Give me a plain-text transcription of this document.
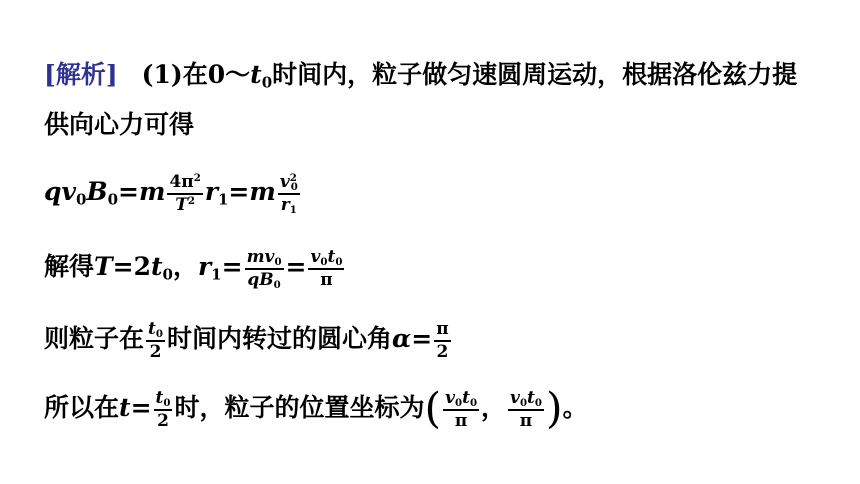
[解析] (1)在$0\sim t_0$时间内，粒子做匀速圆周运动，根据洛伦兹力提
供向心力可得
$qv_0B_0=m \frac{4\pi^2}{T^2} r_1=m \frac{v^2_0}{r_1}$
解得$T=2t_0$，$r_1= \frac{mv_0}{qB_0} = \frac{v_0t_0}{\pi}$
则粒子在 $\frac{t_0}{2}$ 时间内转过的圆心角$\alpha= \frac{\pi}{2}$
所以在$t= \frac{t_0}{2}$ 时，粒子的位置坐标为( $\frac{v_0t_0}{\pi}$ ， $\frac{v_0t_0}{\pi}$ )。
